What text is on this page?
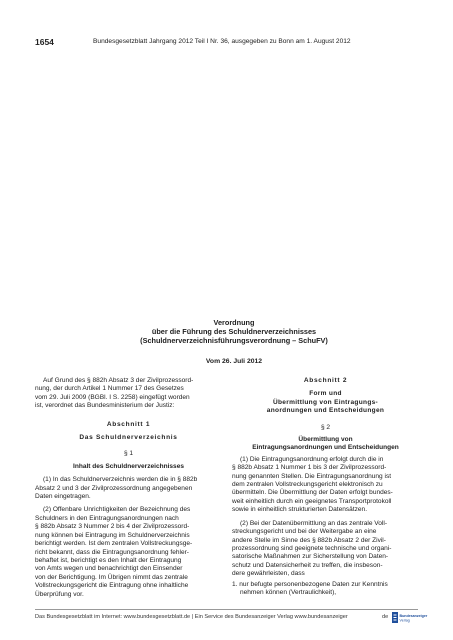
1654	Bundesgesetzblatt Jahrgang 2012 Teil I Nr. 36, ausgegeben zu Bonn am 1. August 2012
Verordnung
über die Führung des Schuldnerverzeichnisses
(Schuldnerverzeichnisführungsverordnung – SchuFV)
Vom 26. Juli 2012
Auf Grund des § 882h Absatz 3 der Zivilprozessord-
nung, der durch Artikel 1 Nummer 17 des Gesetzes
vom 29. Juli 2009 (BGBl. I S. 2258) eingefügt worden
ist, verordnet das Bundesministerium der Justiz:

Abschnitt 1

Das Schuldnerverzeichnis

§ 1

Inhalt des Schuldnerverzeichnisses

(1) In das Schuldnerverzeichnis werden die in § 882b
Absatz 2 und 3 der Zivilprozessordnung angegebenen
Daten eingetragen.
(2) Offenbare Unrichtigkeiten der Bezeichnung des
Schuldners in den Eintragungsanordnungen nach
§ 882b Absatz 3 Nummer 2 bis 4 der Zivilprozessord-
nung können bei Eintragung im Schuldnerverzeichnis
berichtigt werden. Ist dem zentralen Vollstreckungsge-
richt bekannt, dass die Eintragungsanordnung fehler-
behaftet ist, berichtigt es den Inhalt der Eintragung
von Amts wegen und benachrichtigt den Einsender
von der Berichtigung. Im Übrigen nimmt das zentrale
Vollstreckungsgericht die Eintragung ohne inhaltliche
Überprüfung vor.

Abschnitt 2

Form und

Übermittlung von Eintragungs-

anordnungen und Entscheidungen

§ 2

Übermittlung von

Eintragungsanordnungen und Entscheidungen

(1) Die Eintragungsanordnung erfolgt durch die in
§ 882b Absatz 1 Nummer 1 bis 3 der Zivilprozessord-
nung genannten Stellen. Die Eintragungsanordnung ist
dem zentralen Vollstreckungsgericht elektronisch zu
übermitteln. Die Übermittlung der Daten erfolgt bundes-
weit einheitlich durch ein geeignetes Transportprotokoll
sowie in einheitlich strukturierten Datensätzen.
(2) Bei der Datenübermittlung an das zentrale Voll-
streckungsgericht und bei der Weitergabe an eine
andere Stelle im Sinne des § 882b Absatz 2 der Zivil-
prozessordnung sind geeignete technische und organi-
satorische Maßnahmen zur Sicherstellung von Daten-
schutz und Datensicherheit zu treffen, die insbeson-
dere gewährleisten, dass
1. nur befugte personenbezogene Daten zur Kenntnis
nehmen können (Vertraulichkeit),
Das Bundesgesetzblatt im Internet: www.bundesgesetzblatt.de | Ein Service des Bundesanzeiger Verlag www.bundesanzeiger	de	Bundesanzeiger
Verlag
